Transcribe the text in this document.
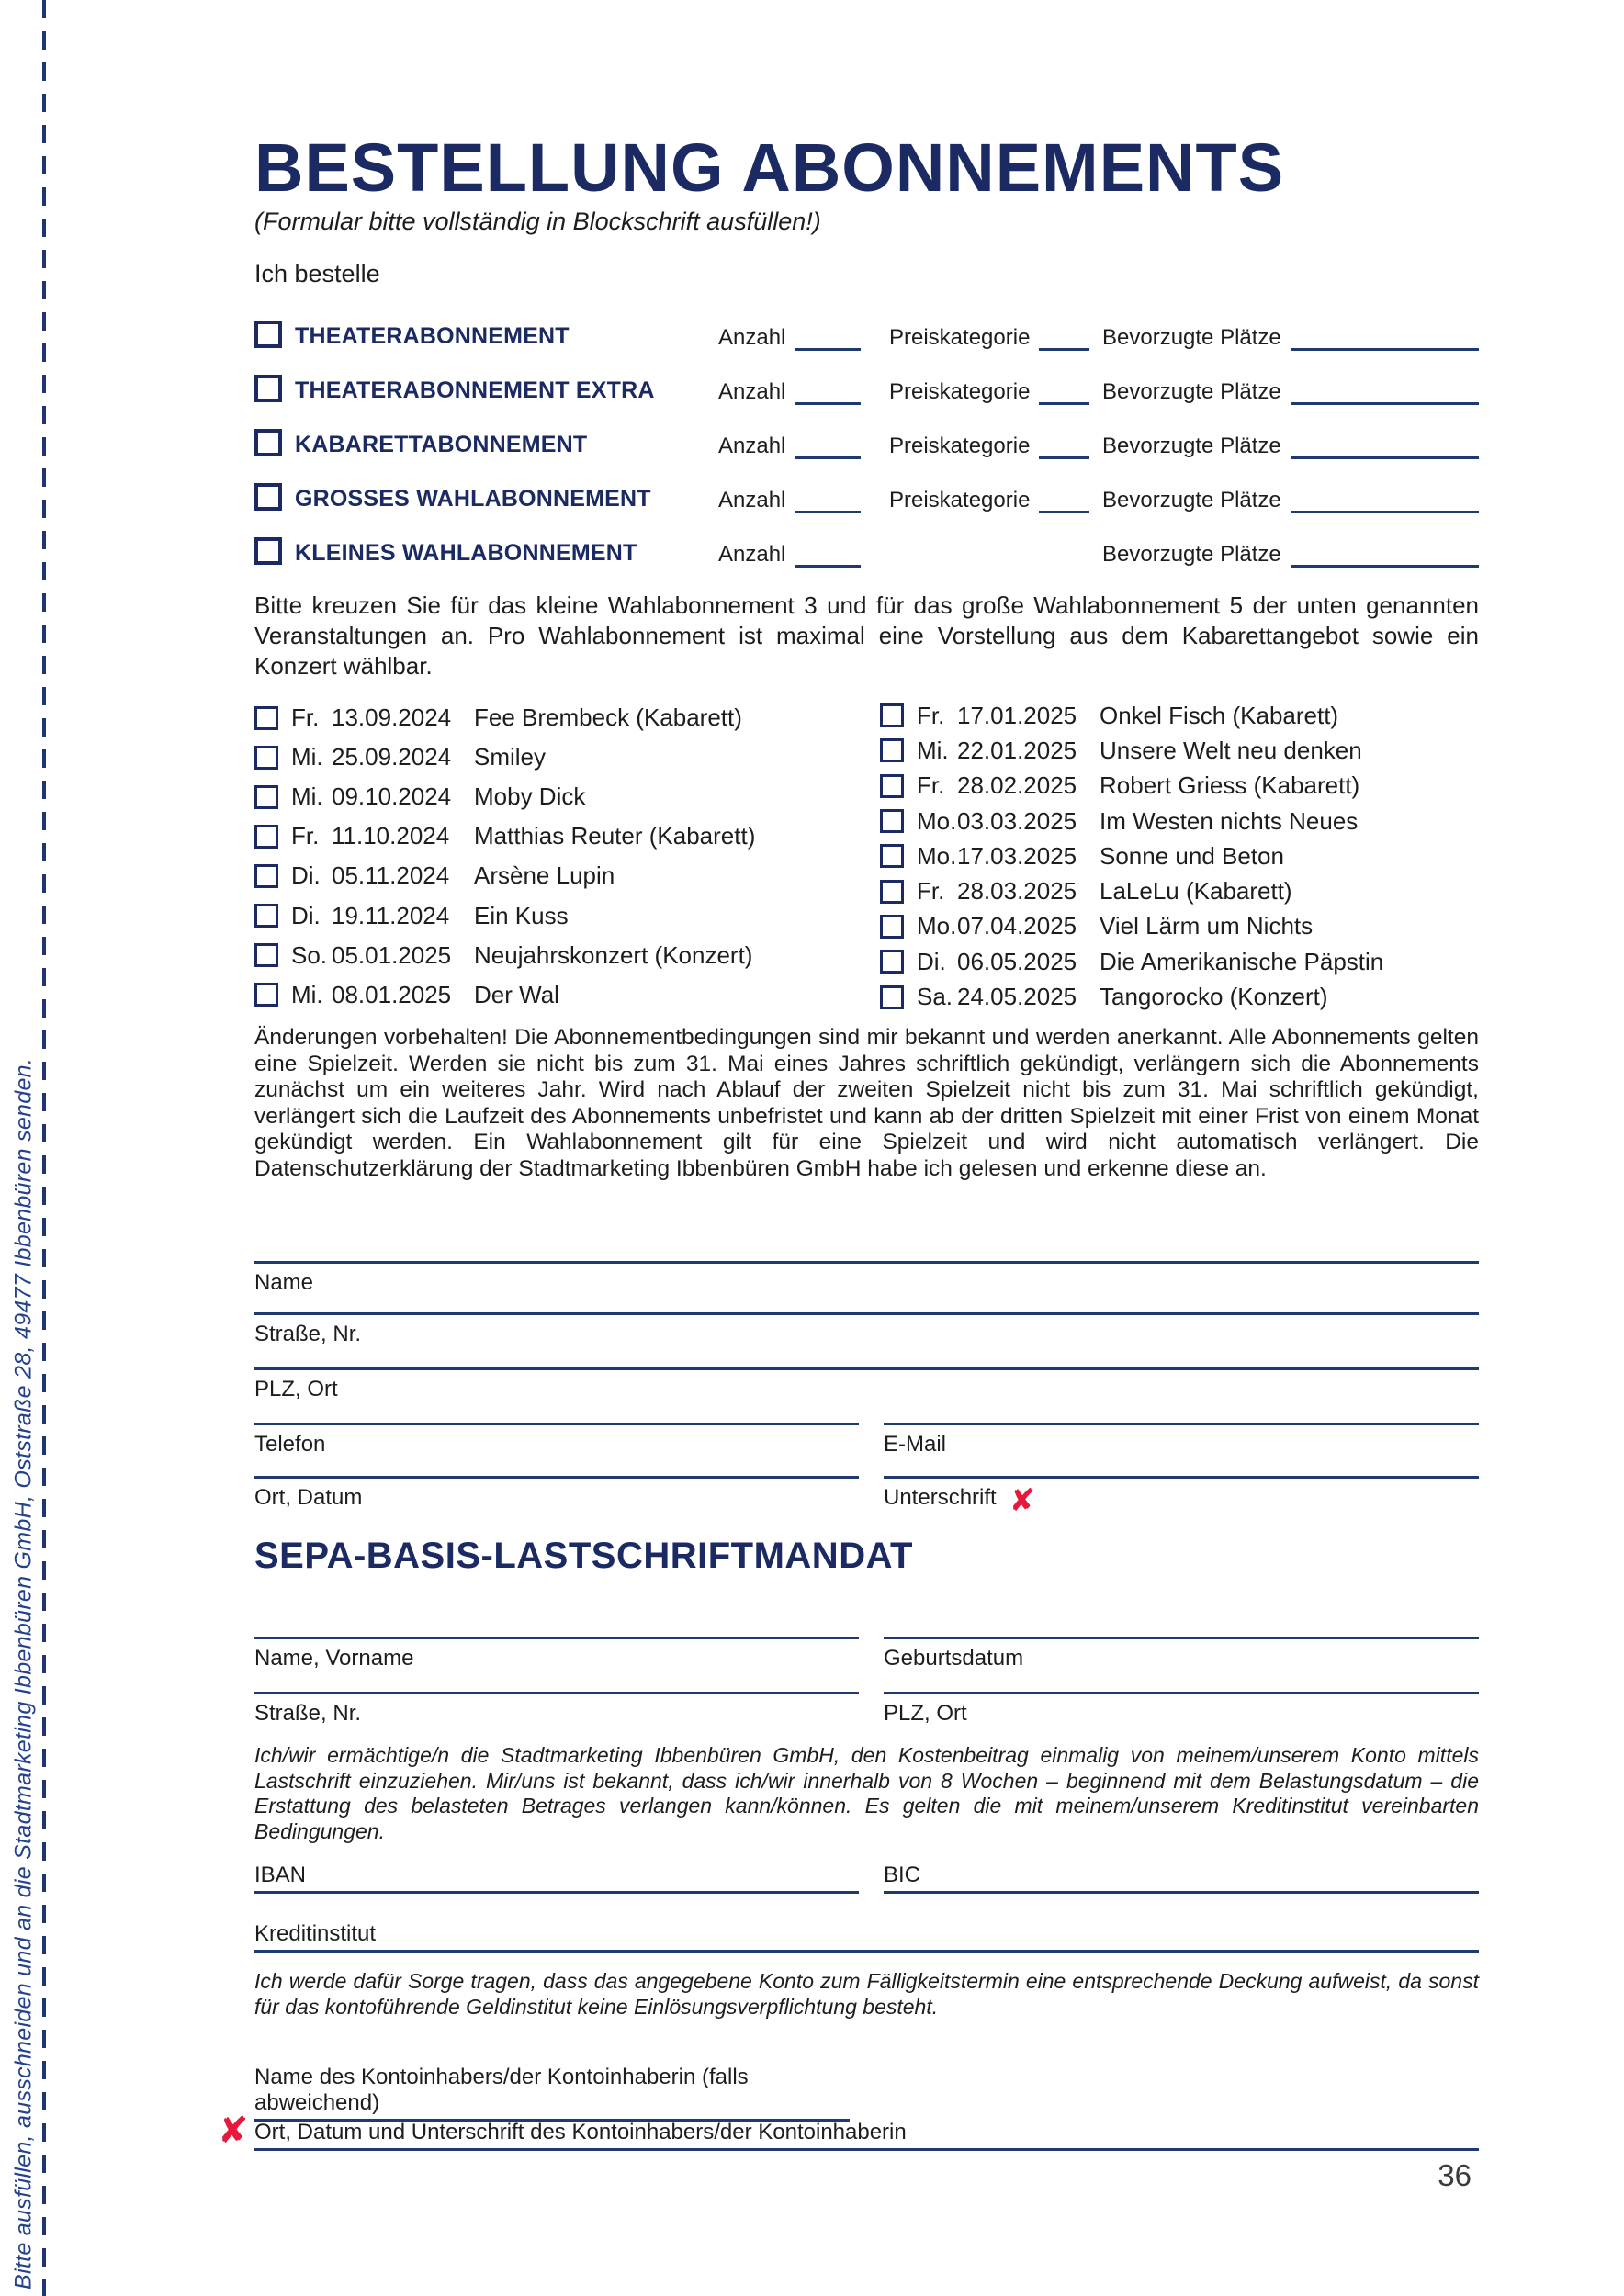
Bitte ausfüllen, ausschneiden und an die Stadtmarketing Ibbenbüren GmbH, Oststraße 28, 49477 Ibbenbüren senden.
BESTELLUNG ABONNEMENTS
(Formular bitte vollständig in Blockschrift ausfüllen!)
Ich bestelle
THEATERABONNEMENT	Anzahl	Preiskategorie	Bevorzugte Plätze
THEATERABONNEMENT EXTRA	Anzahl	Preiskategorie	Bevorzugte Plätze
KABARETTABONNEMENT	Anzahl	Preiskategorie	Bevorzugte Plätze
GROSSES WAHLABONNEMENT	Anzahl	Preiskategorie	Bevorzugte Plätze
KLEINES WAHLABONNEMENT	Anzahl	Bevorzugte Plätze

Bitte kreuzen Sie für das kleine Wahlabonnement 3 und für das große Wahlabonnement 5 der unten genannten Veranstaltungen an. Pro Wahlabonnement ist maximal eine Vorstellung aus dem Kabarettangebot sowie ein Konzert wählbar.

Fr. 13.09.2024 Fee Brembeck (Kabarett)
Mi. 25.09.2024 Smiley
Mi. 09.10.2024 Moby Dick
Fr. 11.10.2024	Matthias Reuter (Kabarett)
Di. 05.11.2024	Arsène Lupin
Di. 19.11.2024	Ein Kuss
So. 05.01.2025 Neujahrskonzert (Konzert)
Mi. 08.01.2025 Der Wal
Fr. 17.01.2025 Onkel Fisch (Kabarett)
Mi. 22.01.2025 Unsere Welt neu denken
Fr. 28.02.2025 Robert Griess (Kabarett)
Mo. 03.03.2025 Im Westen nichts Neues
Mo. 17.03.2025 Sonne und Beton
Fr. 28.03.2025 LaLeLu (Kabarett)
Mo. 07.04.2025 Viel Lärm um Nichts
Di. 06.05.2025 Die Amerikanische Päpstin
Sa. 24.05.2025 Tangorocko (Konzert)

Änderungen vorbehalten! Die Abonnementbedingungen sind mir bekannt und werden anerkannt. Alle Abonnements gelten eine Spielzeit. Werden sie nicht bis zum 31. Mai eines Jahres schriftlich gekündigt, verlängern sich die Abonnements zunächst um ein weiteres Jahr. Wird nach Ablauf der zweiten Spielzeit nicht bis zum 31. Mai schriftlich gekündigt, verlängert sich die Laufzeit des Abonnements unbefristet und kann ab der dritten Spielzeit mit einer Frist von einem Monat gekündigt werden. Ein Wahlabonnement gilt für eine Spielzeit und wird nicht automatisch verlängert. Die Datenschutzerklärung der Stadtmarketing Ibbenbüren GmbH habe ich gelesen und erkenne diese an.

Name
Straße, Nr.
PLZ, Ort
Telefon	E-Mail
Ort, Datum	Unterschrift ✘
SEPA-BASIS-LASTSCHRIFTMANDAT
Name, Vorname	Geburtsdatum
Straße, Nr.	PLZ, Ort

Ich/wir ermächtige/n die Stadtmarketing Ibbenbüren GmbH, den Kostenbeitrag einmalig von meinem/unserem Konto mittels Lastschrift einzuziehen. Mir/uns ist bekannt, dass ich/wir innerhalb von 8 Wochen – beginnend mit dem Belastungsdatum – die Erstattung des belasteten Betrages verlangen kann/können. Es gelten die mit meinem/unserem Kreditinstitut vereinbarten Bedingungen.

IBAN	BIC
Kreditinstitut

Ich werde dafür Sorge tragen, dass das angegebene Konto zum Fälligkeitstermin eine entsprechende Deckung aufweist, da sonst für das kontoführende Geldinstitut keine Einlösungsverpflichtung besteht.

Name des Kontoinhabers/der Kontoinhaberin (falls abweichend)
✘ Ort, Datum und Unterschrift des Kontoinhabers/der Kontoinhaberin
36
